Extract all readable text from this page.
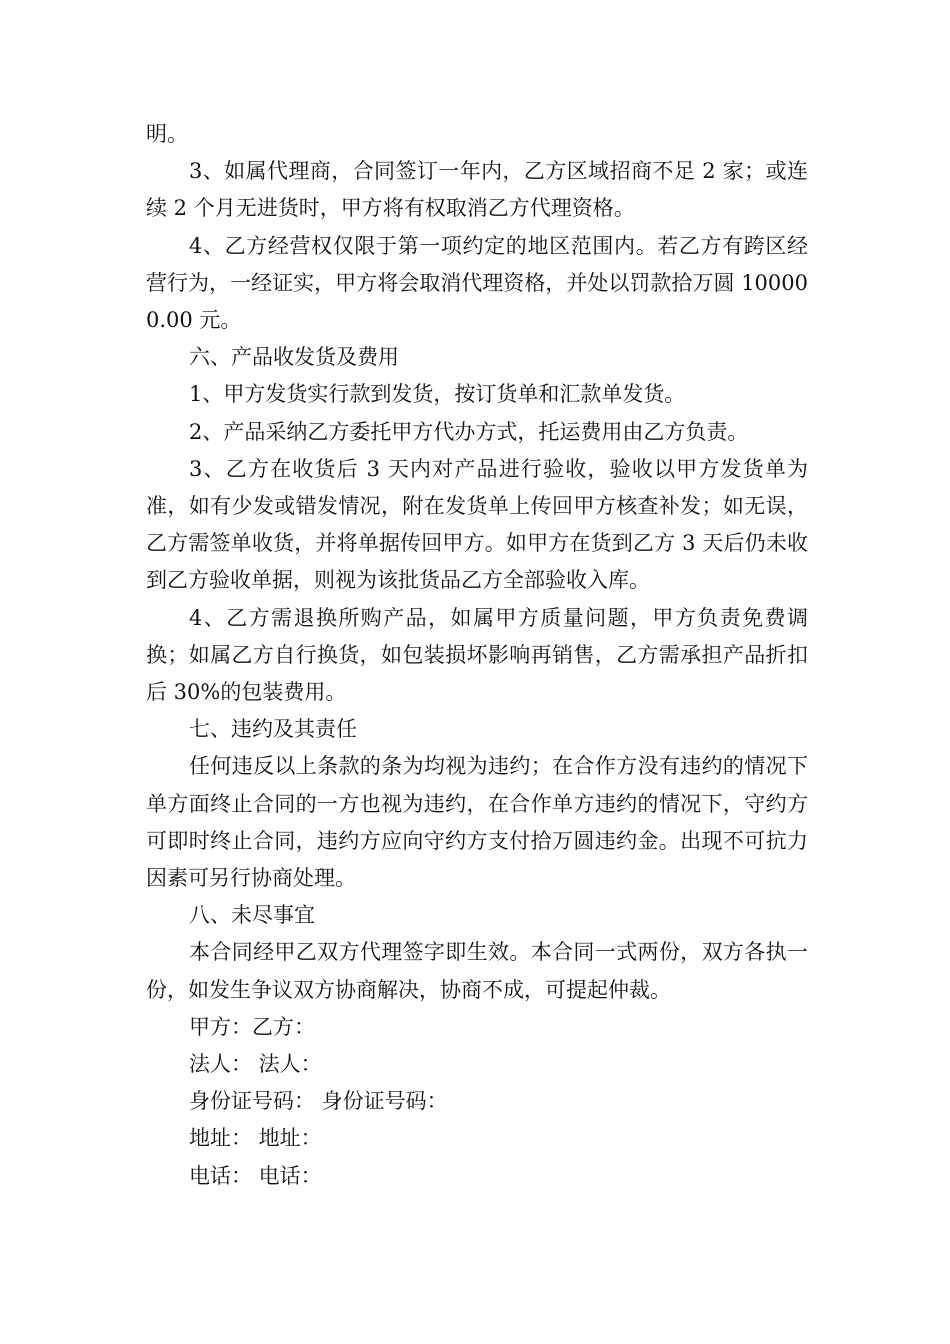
明。

3、如属代理商，合同签订一年内，乙方区域招商不足 2 家；或连续 2 个月无进货时，甲方将有权取消乙方代理资格。

4、乙方经营权仅限于第一项约定的地区范围内。若乙方有跨区经营行为，一经证实，甲方将会取消代理资格，并处以罚款拾万圆 100000.00 元。

六、产品收发货及费用

1、甲方发货实行款到发货，按订货单和汇款单发货。

2、产品采纳乙方委托甲方代办方式，托运费用由乙方负责。

3、乙方在收货后 3 天内对产品进行验收，验收以甲方发货单为准，如有少发或错发情况，附在发货单上传回甲方核查补发；如无误，乙方需签单收货，并将单据传回甲方。如甲方在货到乙方 3 天后仍未收到乙方验收单据，则视为该批货品乙方全部验收入库。

4、乙方需退换所购产品，如属甲方质量问题，甲方负责免费调换；如属乙方自行换货，如包装损坏影响再销售，乙方需承担产品折扣后 30%的包装费用。

七、违约及其责任

任何违反以上条款的条为均视为违约；在合作方没有违约的情况下单方面终止合同的一方也视为违约，在合作单方违约的情况下，守约方可即时终止合同，违约方应向守约方支付拾万圆违约金。出现不可抗力因素可另行协商处理。

八、未尽事宜

本合同经甲乙双方代理签字即生效。本合同一式两份，双方各执一份，如发生争议双方协商解决，协商不成，可提起仲裁。

甲方：乙方：

法人： 法人：

身份证号码： 身份证号码：

地址： 地址：

电话： 电话：
